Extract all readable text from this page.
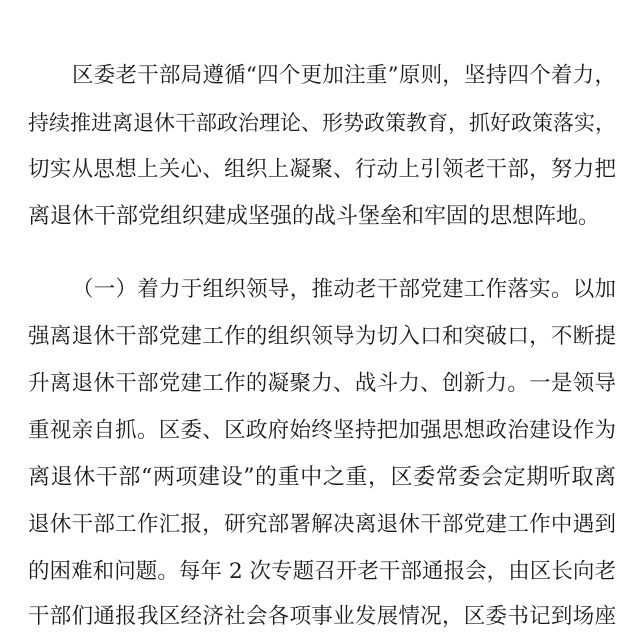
区委老干部局遵循“四个更加注重”原则，坚持四个着力，
持续推进离退休干部政治理论、形势政策教育，抓好政策落实，
切实从思想上关心、组织上凝聚、行动上引领老干部，努力把
离退休干部党组织建成坚强的战斗堡垒和牢固的思想阵地。
（一）着力于组织领导，推动老干部党建工作落实。以加
强离退休干部党建工作的组织领导为切入口和突破口，不断提
升离退休干部党建工作的凝聚力、战斗力、创新力。一是领导
重视亲自抓。区委、区政府始终坚持把加强思想政治建设作为
离退休干部“两项建设”的重中之重，区委常委会定期听取离
退休干部工作汇报，研究部署解决离退休干部党建工作中遇到
的困难和问题。每年 2 次专题召开老干部通报会，由区长向老
干部们通报我区经济社会各项事业发展情况，区委书记到场座
